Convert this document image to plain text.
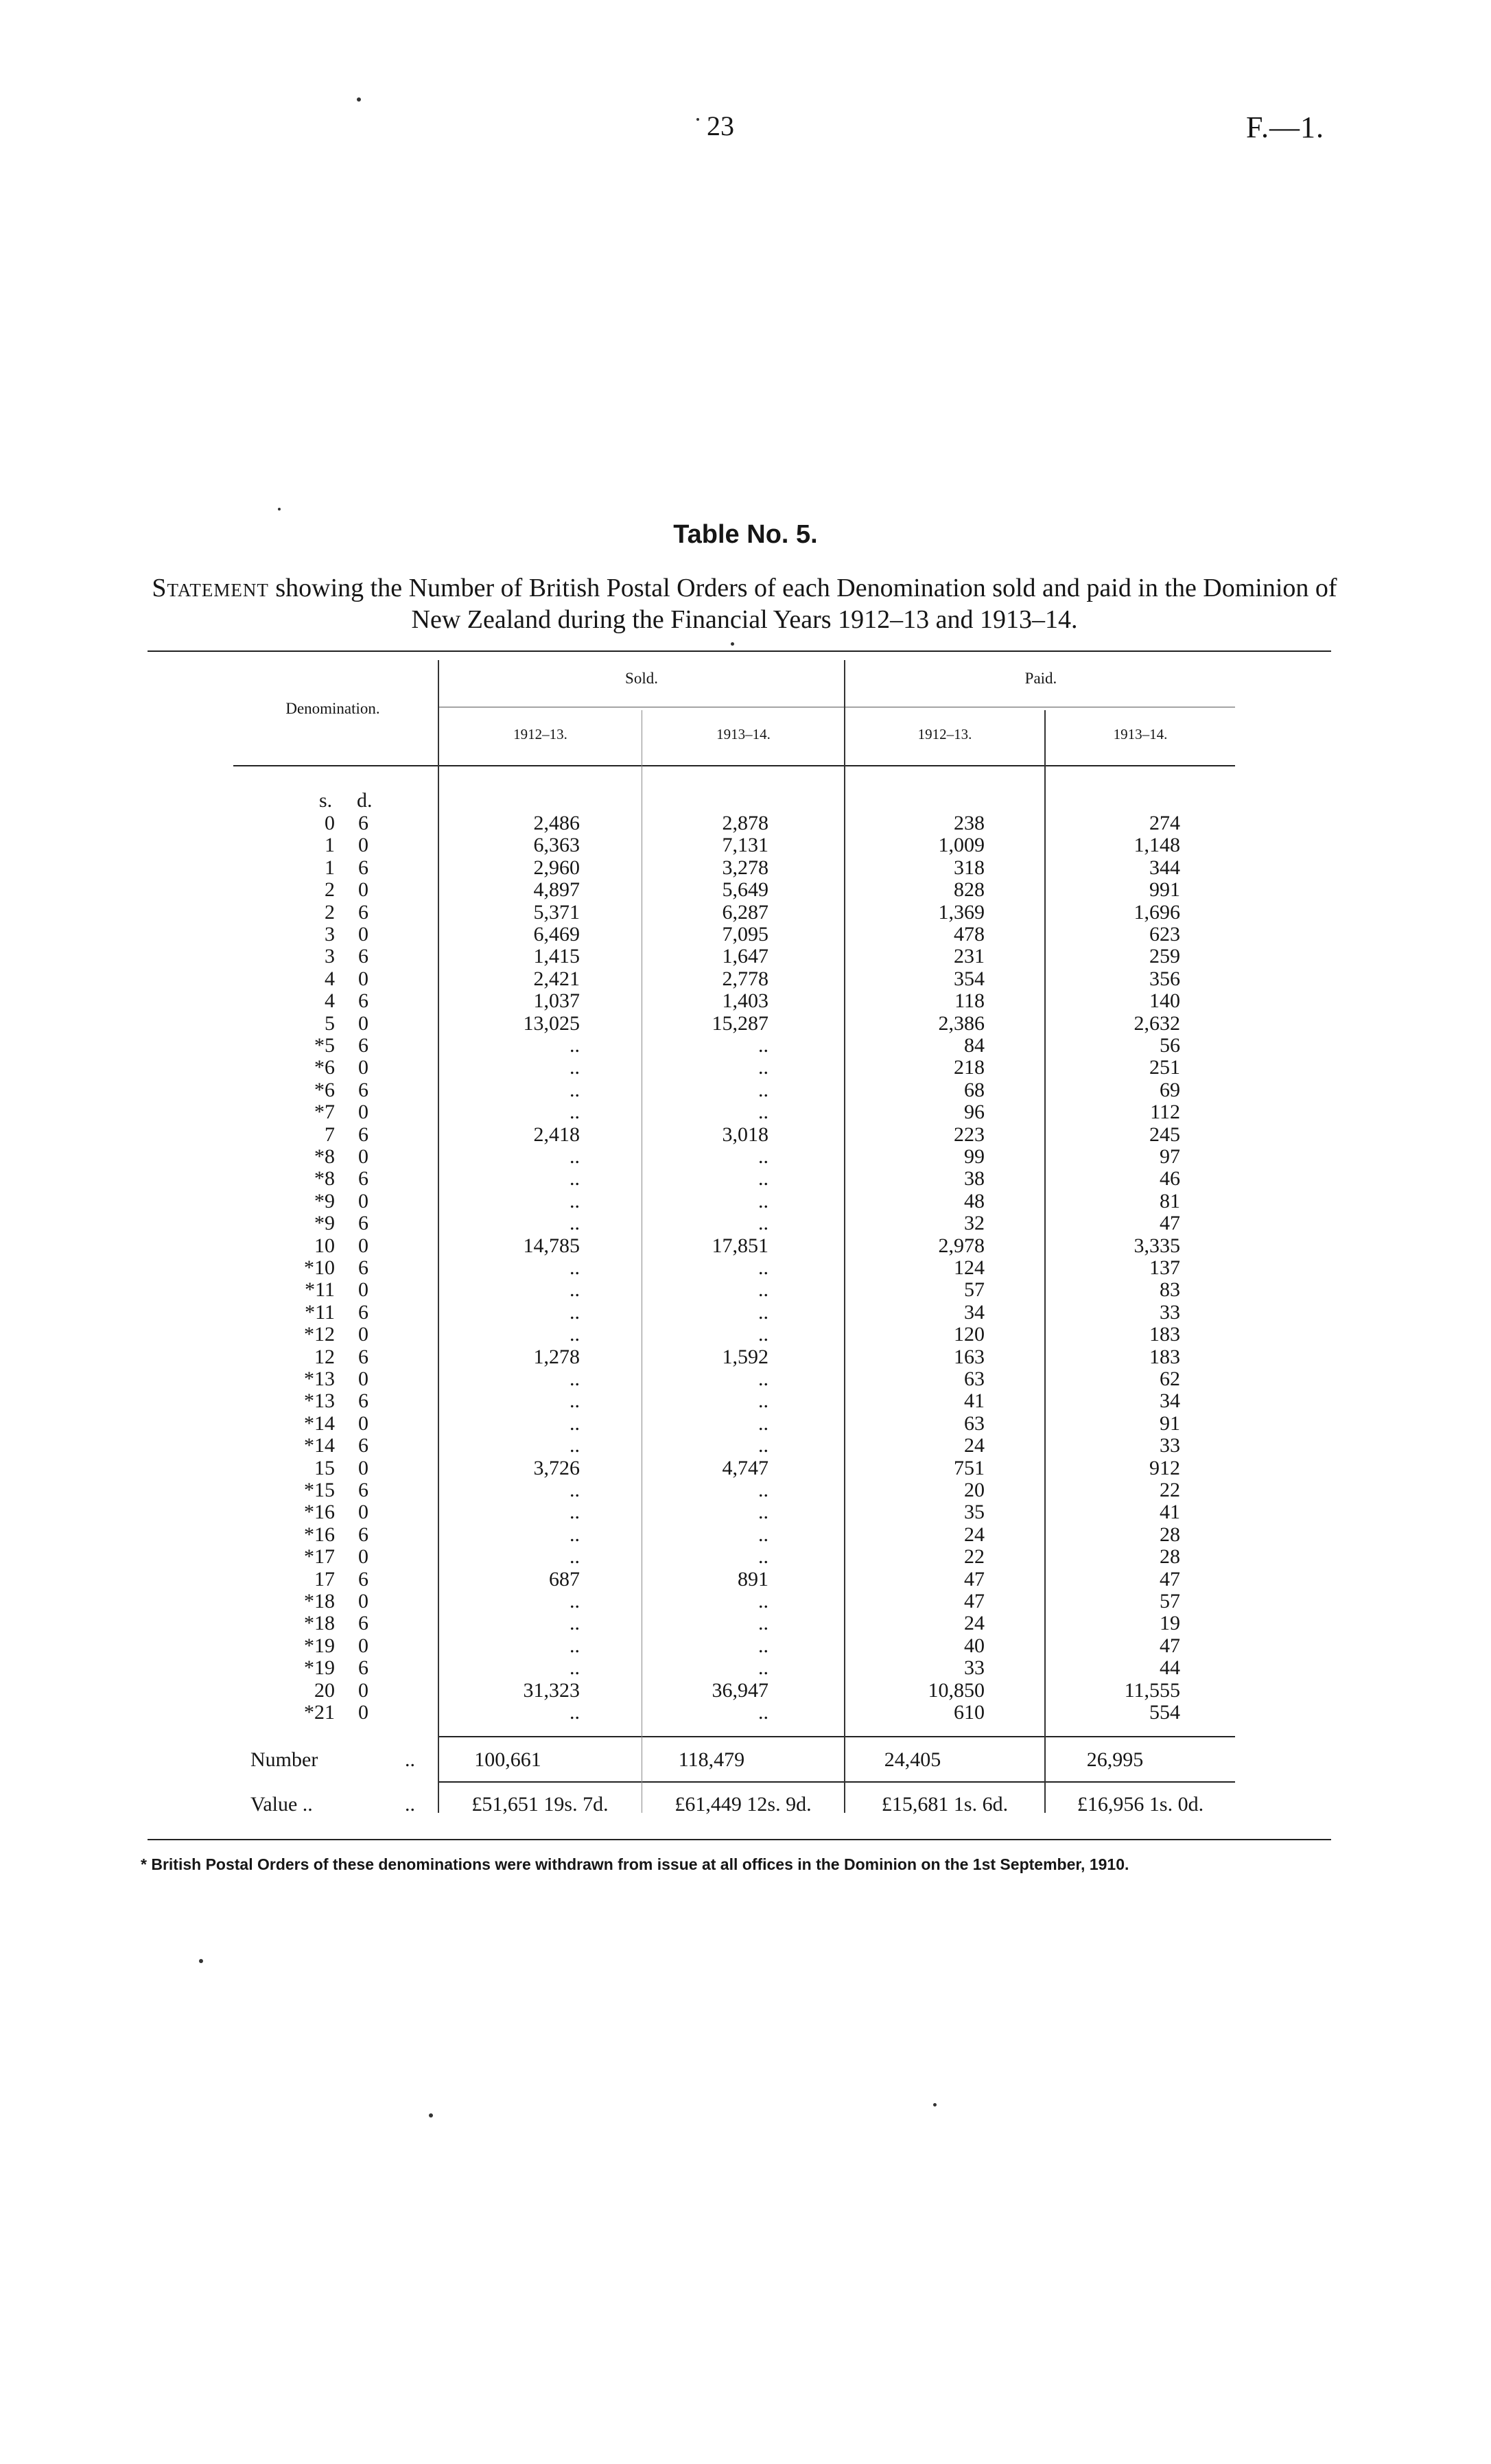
23	F.—1.
Table No. 5.
Statement showing the Number of British Postal Orders of each Denomination sold and paid in the Dominion of New Zealand during the Financial Years 1912–13 and 1913–14.
Denomination.
Sold.	Paid.
1912–13.	1913–14.	1912–13.	1913–14.
s. d.
0 6	2,486	2,878	238	274
1 0	6,363	7,131	1,009	1,148
1 6	2,960	3,278	318	344
2 0	4,897	5,649	828	991
2 6	5,371	6,287	1,369	1,696
3 0	6,469	7,095	478	623
3 6	1,415	1,647	231	259
4 0	2,421	2,778	354	356
4 6	1,037	1,403	118	140
5 0	13,025	15,287	2,386	2,632
*5 6	..	..	84	56
*6 0	..	..	218	251
*6 6	..	..	68	69
*7 0	..	..	96	112
7 6	2,418	3,018	223	245
*8 0	..	..	99	97
*8 6	..	..	38	46
*9 0	..	..	48	81
*9 6	..	..	32	47
10 0	14,785	17,851	2,978	3,335
*10 6	..	..	124	137
*11 0	..	..	57	83
*11 6	..	..	34	33
*12 0	..	..	120	183
12 6	1,278	1,592	163	183
*13 0	..	..	63	62
*13 6	..	..	41	34
*14 0	..	..	63	91
*14 6	..	..	24	33
15 0	3,726	4,747	751	912
*15 6	..	..	20	22
*16 0	..	..	35	41
*16 6	..	..	24	28
*17 0	..	..	22	28
17 6	687	891	47	47
*18 0	..	..	47	57
*18 6	..	..	24	19
*19 0	..	..	40	47
*19 6	..	..	33	44
20 0	31,323	36,947	10,850	11,555
*21 0	..	..	610	554
Number	..	100,661	118,479	24,405	26,995
Value ..	..	£51,651 19s. 7d.	£61,449 12s. 9d.	£15,681 1s. 6d.	£16,956 1s. 0d.
* British Postal Orders of these denominations were withdrawn from issue at all offices in the Dominion on the 1st September, 1910.
